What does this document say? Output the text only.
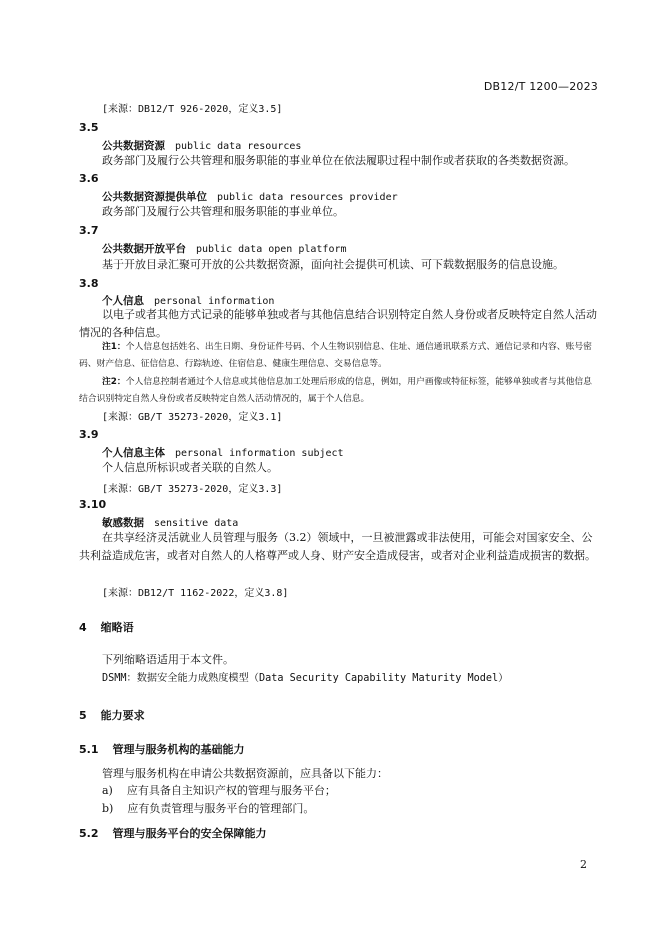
DB12/T 1200—2023
[来源：DB12/T 926-2020，定义3.5]
3.5
公共数据资源 public data resources
政务部门及履行公共管理和服务职能的事业单位在依法履职过程中制作或者获取的各类数据资源。
3.6
公共数据资源提供单位 public data resources provider
政务部门及履行公共管理和服务职能的事业单位。
3.7
公共数据开放平台 public data open platform
基于开放目录汇聚可开放的公共数据资源，面向社会提供可机读、可下载数据服务的信息设施。
3.8
个人信息 personal information
以电子或者其他方式记录的能够单独或者与其他信息结合识别特定自然人身份或者反映特定自然人活动情况的各种信息。
注1：个人信息包括姓名、出生日期、身份证件号码、个人生物识别信息、住址、通信通讯联系方式、通信记录和内容、账号密码、财产信息、征信信息、行踪轨迹、住宿信息、健康生理信息、交易信息等。
注2：个人信息控制者通过个人信息或其他信息加工处理后形成的信息，例如，用户画像或特征标签，能够单独或者与其他信息结合识别特定自然人身份或者反映特定自然人活动情况的，属于个人信息。
[来源：GB/T 35273-2020，定义3.1]
3.9
个人信息主体 personal information subject
个人信息所标识或者关联的自然人。
[来源：GB/T 35273-2020，定义3.3]
3.10
敏感数据 sensitive data
在共享经济灵活就业人员管理与服务（3.2）领域中，一旦被泄露或非法使用，可能会对国家安全、公共利益造成危害，或者对自然人的人格尊严或人身、财产安全造成侵害，或者对企业利益造成损害的数据。
[来源：DB12/T 1162-2022，定义3.8]
4 缩略语
下列缩略语适用于本文件。
DSMM：数据安全能力成熟度模型（Data Security Capability Maturity Model）
5 能力要求
5.1 管理与服务机构的基础能力
管理与服务机构在申请公共数据资源前，应具备以下能力：
a) 应有具备自主知识产权的管理与服务平台；
b) 应有负责管理与服务平台的管理部门。
5.2 管理与服务平台的安全保障能力
2
